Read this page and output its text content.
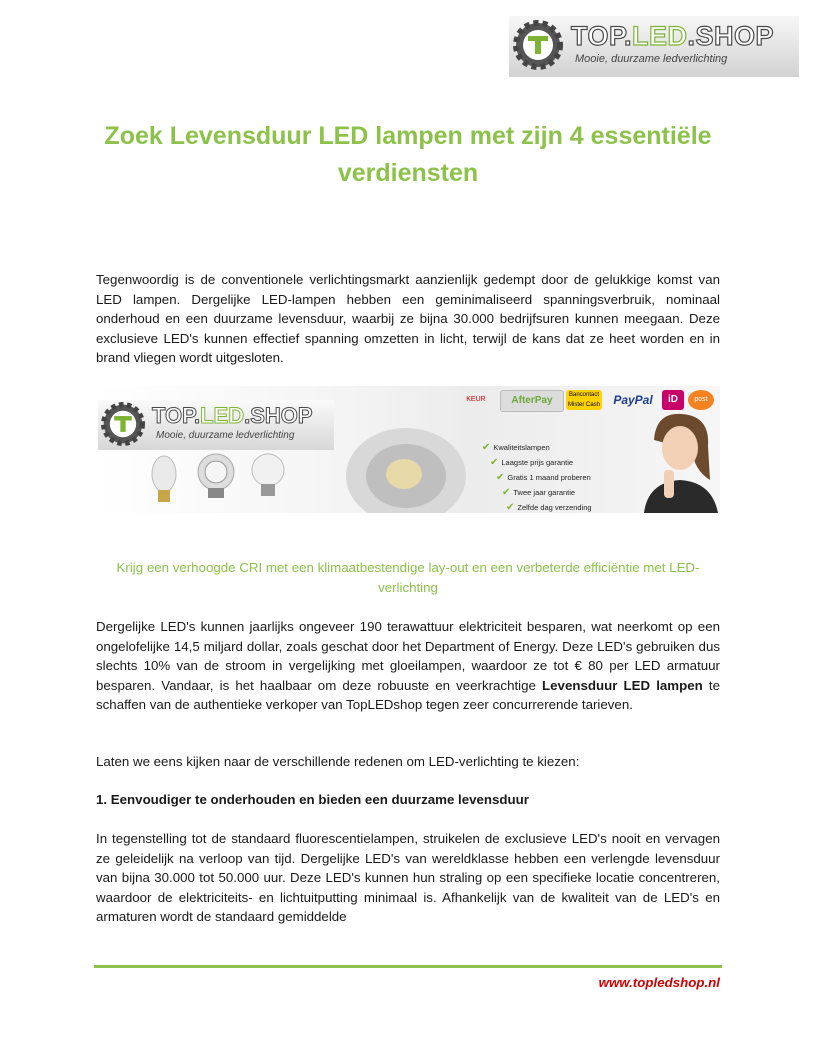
TOP.LED.SHOP
Mooie, duurzame ledverlichting
Zoek Levensduur LED lampen met zijn 4 essentiële verdiensten

Tegenwoordig is de conventionele verlichtingsmarkt aanzienlijk gedempt door de gelukkige komst van LED lampen. Dergelijke LED-lampen hebben een geminimaliseerd spanningsverbruik, nominaal onderhoud en een duurzame levensduur, waarbij ze bijna 30.000 bedrijfsuren kunnen meegaan. Deze exclusieve LED's kunnen effectief spanning omzetten in licht, terwijl de kans dat ze heet worden en in brand vliegen wordt uitgesloten.

TOP.LED.SHOP
Mooie, duurzame ledverlichting
KEUR	AfterPay	Bancontact Mister Cash	PayPal	iD	post
✔ Kwaliteitslampen
✔ Laagste prijs garantie
✔ Gratis 1 maand proberen
✔ Twee jaar garantie
✔ Zelfde dag verzending

Krijg een verhoogde CRI met een klimaatbestendige lay-out en een verbeterde efficiëntie met LED-verlichting

Dergelijke LED's kunnen jaarlijks ongeveer 190 terawattuur elektriciteit besparen, wat neerkomt op een ongelofelijke 14,5 miljard dollar, zoals geschat door het Department of Energy. Deze LED's gebruiken dus slechts 10% van de stroom in vergelijking met gloeilampen, waardoor ze tot € 80 per LED armatuur besparen. Vandaar, is het haalbaar om deze robuuste en veerkrachtige Levensduur LED lampen te schaffen van de authentieke verkoper van TopLEDshop tegen zeer concurrerende tarieven.

Laten we eens kijken naar de verschillende redenen om LED-verlichting te kiezen:

1. Eenvoudiger te onderhouden en bieden een duurzame levensduur

In tegenstelling tot de standaard fluorescentielampen, struikelen de exclusieve LED's nooit en vervagen ze geleidelijk na verloop van tijd. Dergelijke LED's van wereldklasse hebben een verlengde levensduur van bijna 30.000 tot 50.000 uur. Deze LED's kunnen hun straling op een specifieke locatie concentreren, waardoor de elektriciteits- en lichtuitputting minimaal is. Afhankelijk van de kwaliteit van de LED's en armaturen wordt de standaard gemiddelde

www.topledshop.nl
